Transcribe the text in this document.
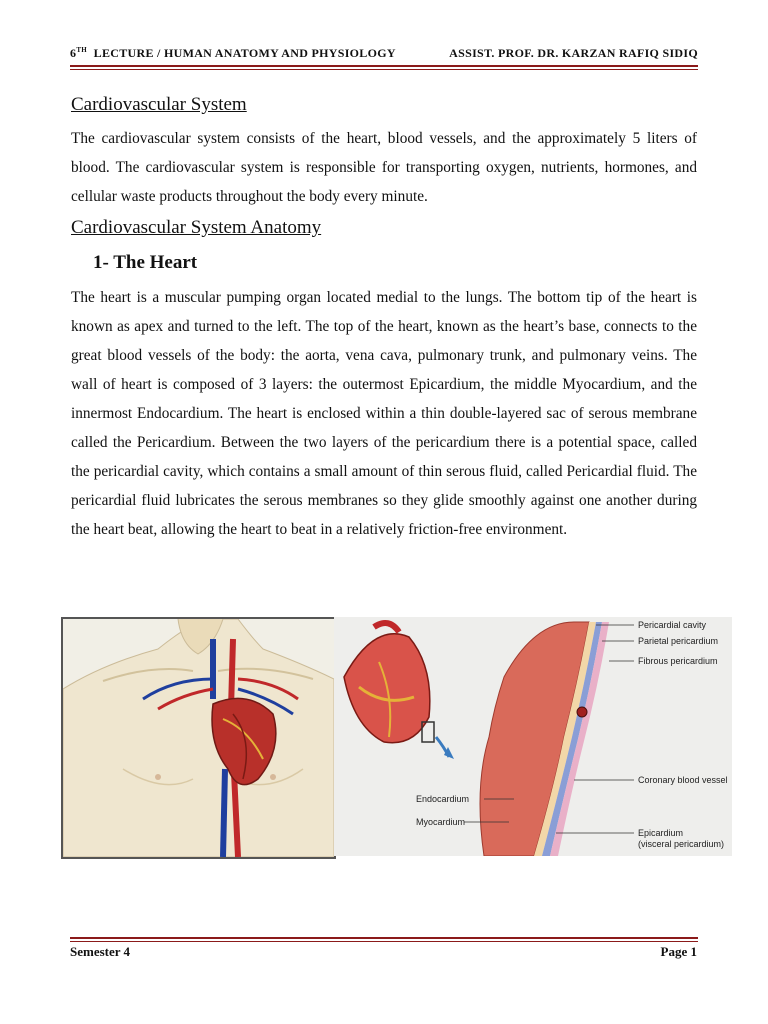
6TH LECTURE / HUMAN ANATOMY AND PHYSIOLOGY	ASSIST. PROF. DR. KARZAN RAFIQ SIDIQ
Cardiovascular System

The cardiovascular system consists of the heart, blood vessels, and the approximately 5 liters of blood. The cardiovascular system is responsible for transporting oxygen, nutrients, hormones, and cellular waste products throughout the body every minute.

Cardiovascular System Anatomy
1- The Heart

The heart is a muscular pumping organ located medial to the lungs. The bottom tip of the heart is known as apex and turned to the left. The top of the heart, known as the heart’s base, connects to the great blood vessels of the body: the aorta, vena cava, pulmonary trunk, and pulmonary veins. The wall of heart is composed of 3 layers: the outermost Epicardium, the middle Myocardium, and the innermost Endocardium. The heart is enclosed within a thin double-layered sac of serous membrane called the Pericardium. Between the two layers of the pericardium there is a potential space, called the pericardial cavity, which contains a small amount of thin serous fluid, called Pericardial fluid. The pericardial fluid lubricates the serous membranes so they glide smoothly against one another during the heart beat, allowing the heart to beat in a relatively friction-free environment.

Pericardial cavity
Parietal pericardium
Fibrous pericardium
Coronary blood vessel
Endocardium
Myocardium
Epicardium
(visceral pericardium)
Semester 4	Page 1
